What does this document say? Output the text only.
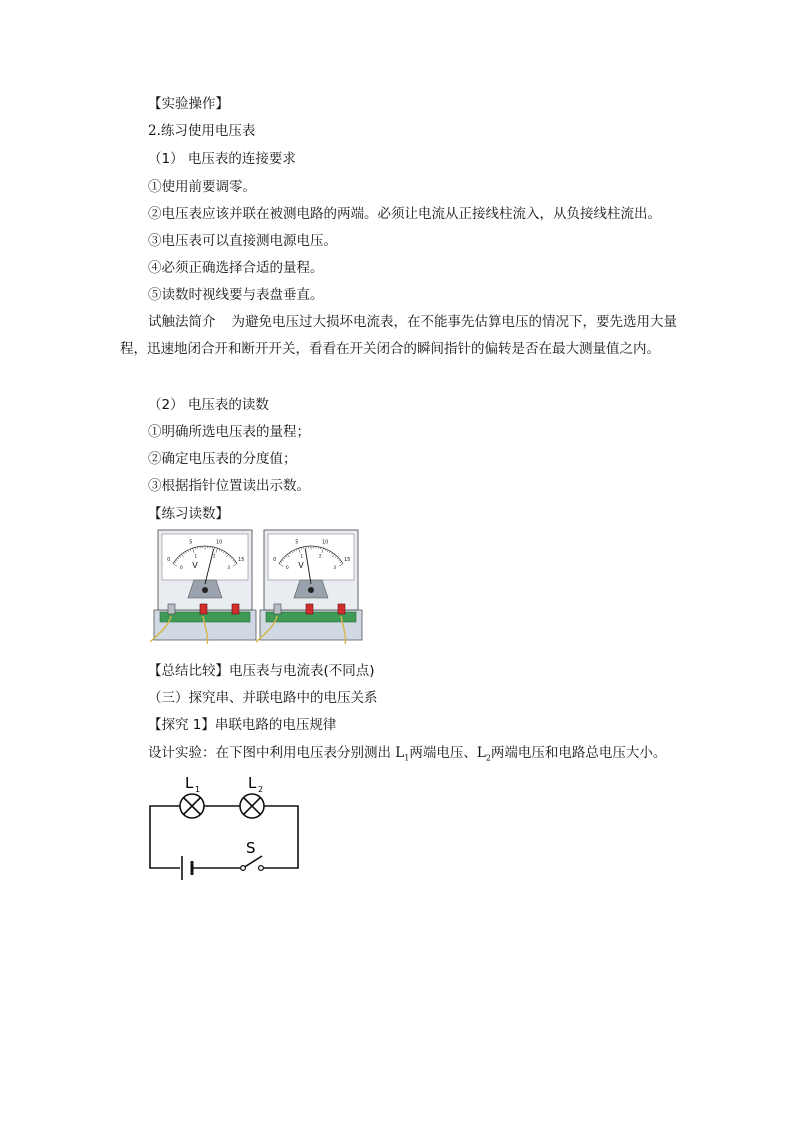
【实验操作】
2.练习使用电压表
（1） 电压表的连接要求
①使用前要调零。
②电压表应该并联在被测电路的两端。必须让电流从正接线柱流入，从负接线柱流出。
③电压表可以直接测电源电压。
④必须正确选择合适的量程。
⑤读数时视线要与表盘垂直。
试触法简介 为避免电压过大损坏电流表，在不能事先估算电压的情况下，要先选用大量程，迅速地闭合开和断开开关，看看在开关闭合的瞬间指针的偏转是否在最大测量值之内。
（2） 电压表的读数
①明确所选电压表的量程；
②确定电压表的分度值；
③根据指针位置读出示数。
【练习读数】
0
5	10
15
0
1	2
3
V
0
5	10
15
0
1	2
3
V
【总结比较】电压表与电流表(不同点)
（三）探究串、并联电路中的电压关系
【探究 1】串联电路的电压规律
设计实验：在下图中利用电压表分别测出 $L_1$两端电压、$L_2$两端电压和电路总电压大小。
L 1	L 2
S
